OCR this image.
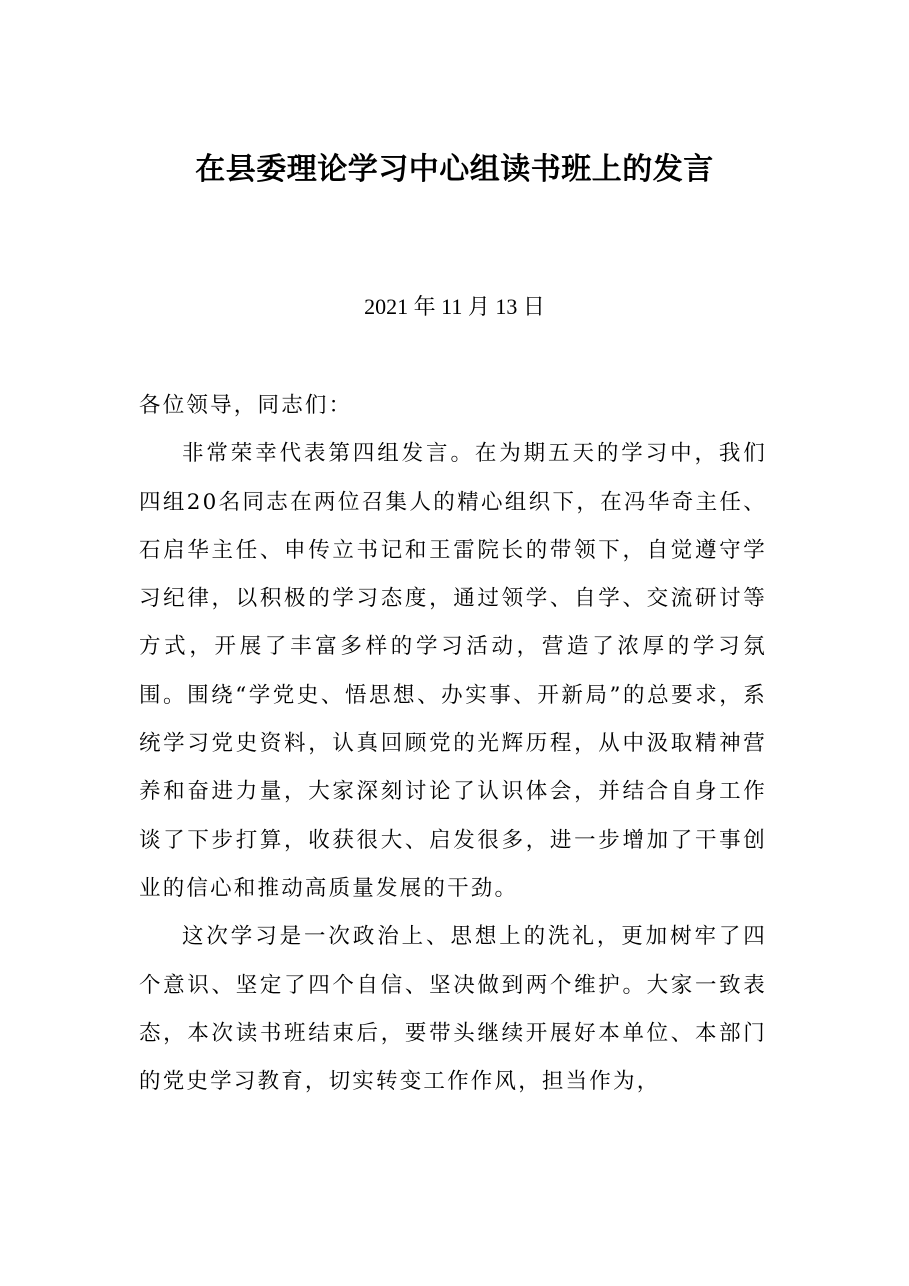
在县委理论学习中心组读书班上的发言

2021 年 11 月 13 日

各位领导，同志们：

非常荣幸代表第四组发言。在为期五天的学习中，我们四组20名同志在两位召集人的精心组织下，在冯华奇主任、石启华主任、申传立书记和王雷院长的带领下，自觉遵守学习纪律，以积极的学习态度，通过领学、自学、交流研讨等方式，开展了丰富多样的学习活动，营造了浓厚的学习氛围。围绕“学党史、悟思想、办实事、开新局”的总要求，系统学习党史资料，认真回顾党的光辉历程，从中汲取精神营养和奋进力量，大家深刻讨论了认识体会，并结合自身工作谈了下步打算，收获很大、启发很多，进一步增加了干事创业的信心和推动高质量发展的干劲。

这次学习是一次政治上、思想上的洗礼，更加树牢了四个意识、坚定了四个自信、坚决做到两个维护。大家一致表态，本次读书班结束后，要带头继续开展好本单位、本部门的党史学习教育，切实转变工作作风，担当作为，
